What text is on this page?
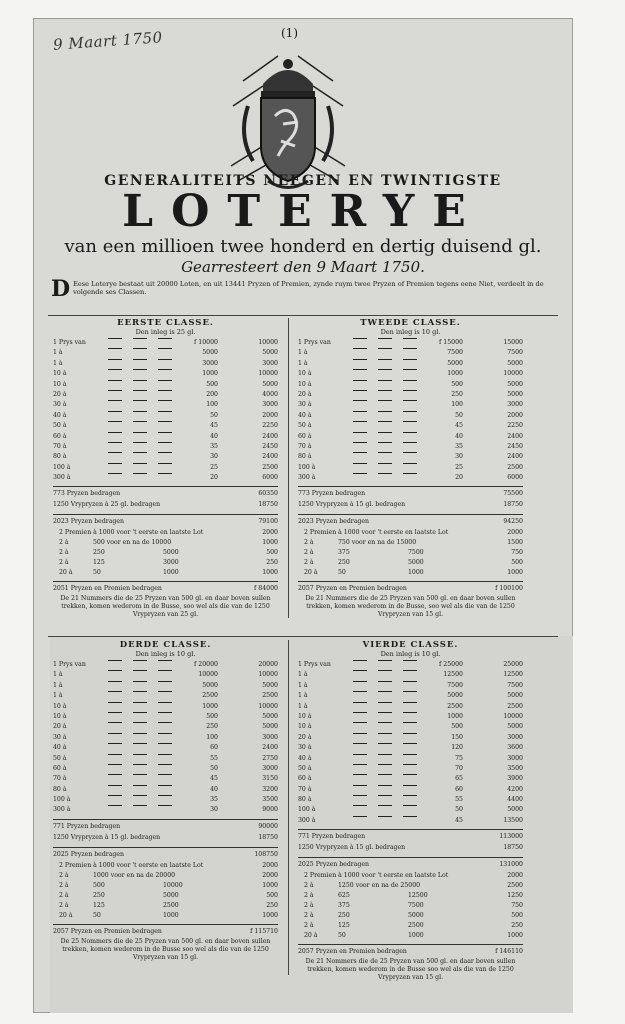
9 Maart 1750	(1)
GENERALITEITS NEEGEN EN TWINTIGSTE
LOTERYE
van een millioen twee honderd en dertig duisend gl.
Gearresteert den 9 Maart 1750.
D Eese Loterye bestaat uit 20000 Loten, en uit 13441 Pryzen of Premien, zynde ruym twee Pryzen of Premien tegens eene Niet, verdeelt in de volgende ses Classen.
EERSTE CLASSE.
Den inleg is 25 gl.
1 Prys van	f 10000	10000
1 à	5000	5000
1 à	3000	3000
10 à	1000	10000
10 à	500	5000
20 à	200	4000
30 à	100	3000
40 à	50	2000
50 à	45	2250
60 à	40	2400
70 à	35	2450
80 à	30	2400
100 à	25	2500
300 à	20	6000
773 Pryzen bedragen	60350
1250 Vrypryzen à 25 gl. bedragen	18750
2023 Pryzen bedragen	79100
2 Premien à 1000 voor 't eerste en laatste Lot	2000
2 à	500 voor en na de 10000	1000
2 à	250	5000	500
2 à	125	3000	250
20 à	50	1000	1000
2051 Pryzen en Premien bedragen	f 84000
De 21 Nummers die de 25 Pryzen van 500 gl. en daar boven sullen trekken, komen wederom in de Busse, soo wel als die van de 1250 Vrypryzen van 25 gl.
TWEEDE CLASSE.
Den inleg is 10 gl.
1 Prys van	f 15000	15000
1 à	7500	7500
1 à	5000	5000
10 à	1000	10000
10 à	500	5000
20 à	250	5000
30 à	100	3000
40 à	50	2000
50 à	45	2250
60 à	40	2400
70 à	35	2450
80 à	30	2400
100 à	25	2500
300 à	20	6000
773 Pryzen bedragen	75500
1250 Vrypryzen à 15 gl. bedragen	18750
2023 Pryzen bedragen	94250
2 Premien à 1000 voor 't eerste en laatste Lot	2000
2 à	750 voor en na de 15000	1500
2 à	375	7500	750
2 à	250	5000	500
20 à	50	1000	1000
2057 Pryzen en Premien bedragen	f 100100
De 21 Nummers die de 25 Pryzen van 500 gl. en daar boven sullen trekken, komen wederom in de Busse, soo wel als die van de 1250 Vrypryzen van 15 gl.
DERDE CLASSE.
Den inleg is 10 gl.
1 Prys van	f 20000	20000
1 à	10000	10000
1 à	5000	5000
1 à	2500	2500
10 à	1000	10000
10 à	500	5000
20 à	250	5000
30 à	100	3000
40 à	60	2400
50 à	55	2750
60 à	50	3000
70 à	45	3150
80 à	40	3200
100 à	35	3500
300 à	30	9000
771 Pryzen bedragen	90000
1250 Vrypryzen à 15 gl. bedragen	18750
2025 Pryzen bedragen	108750
2 Premien à 1000 voor 't eerste en laatste Lot	2000
2 à	1000 voor en na de 20000	2000
2 à	500	10000	1000
2 à	250	5000	500
2 à	125	2500	250
20 à	50	1000	1000
2057 Pryzen en Premien bedragen	f 115710
De 25 Nommers die de 25 Pryzen van 500 gl. en daar boven sullen trekken, komen wederom in de Busse soo wel als die van de 1250 Vrypryzen van 15 gl.
VIERDE CLASSE.
Den inleg is 10 gl.
1 Prys van	f 25000	25000
1 à	12500	12500
1 à	7500	7500
1 à	5000	5000
1 à	2500	2500
10 à	1000	10000
10 à	500	5000
20 à	150	3000
30 à	120	3600
40 à	75	3000
50 à	70	3500
60 à	65	3900
70 à	60	4200
80 à	55	4400
100 à	50	5000
300 à	45	13500
771 Pryzen bedragen	113000
1250 Vrypryzen à 15 gl. bedragen	18750
2025 Pryzen bedragen	131000
2 Premien à 1000 voor 't eerste en laatste Lot	2000
2 à	1250 voor en na de 25000	2500
2 à	625	12500	1250
2 à	375	7500	750
2 à	250	5000	500
2 à	125	2500	250
20 à	50	1000	1000
2057 Pryzen en Premien bedragen	f 146110
De 21 Nommers die de 25 Pryzen van 500 gl. en daar boven sullen trekken, komen wederom in de Busse soo wel als die van de 1250 Vrypryzen van 15 gl.
